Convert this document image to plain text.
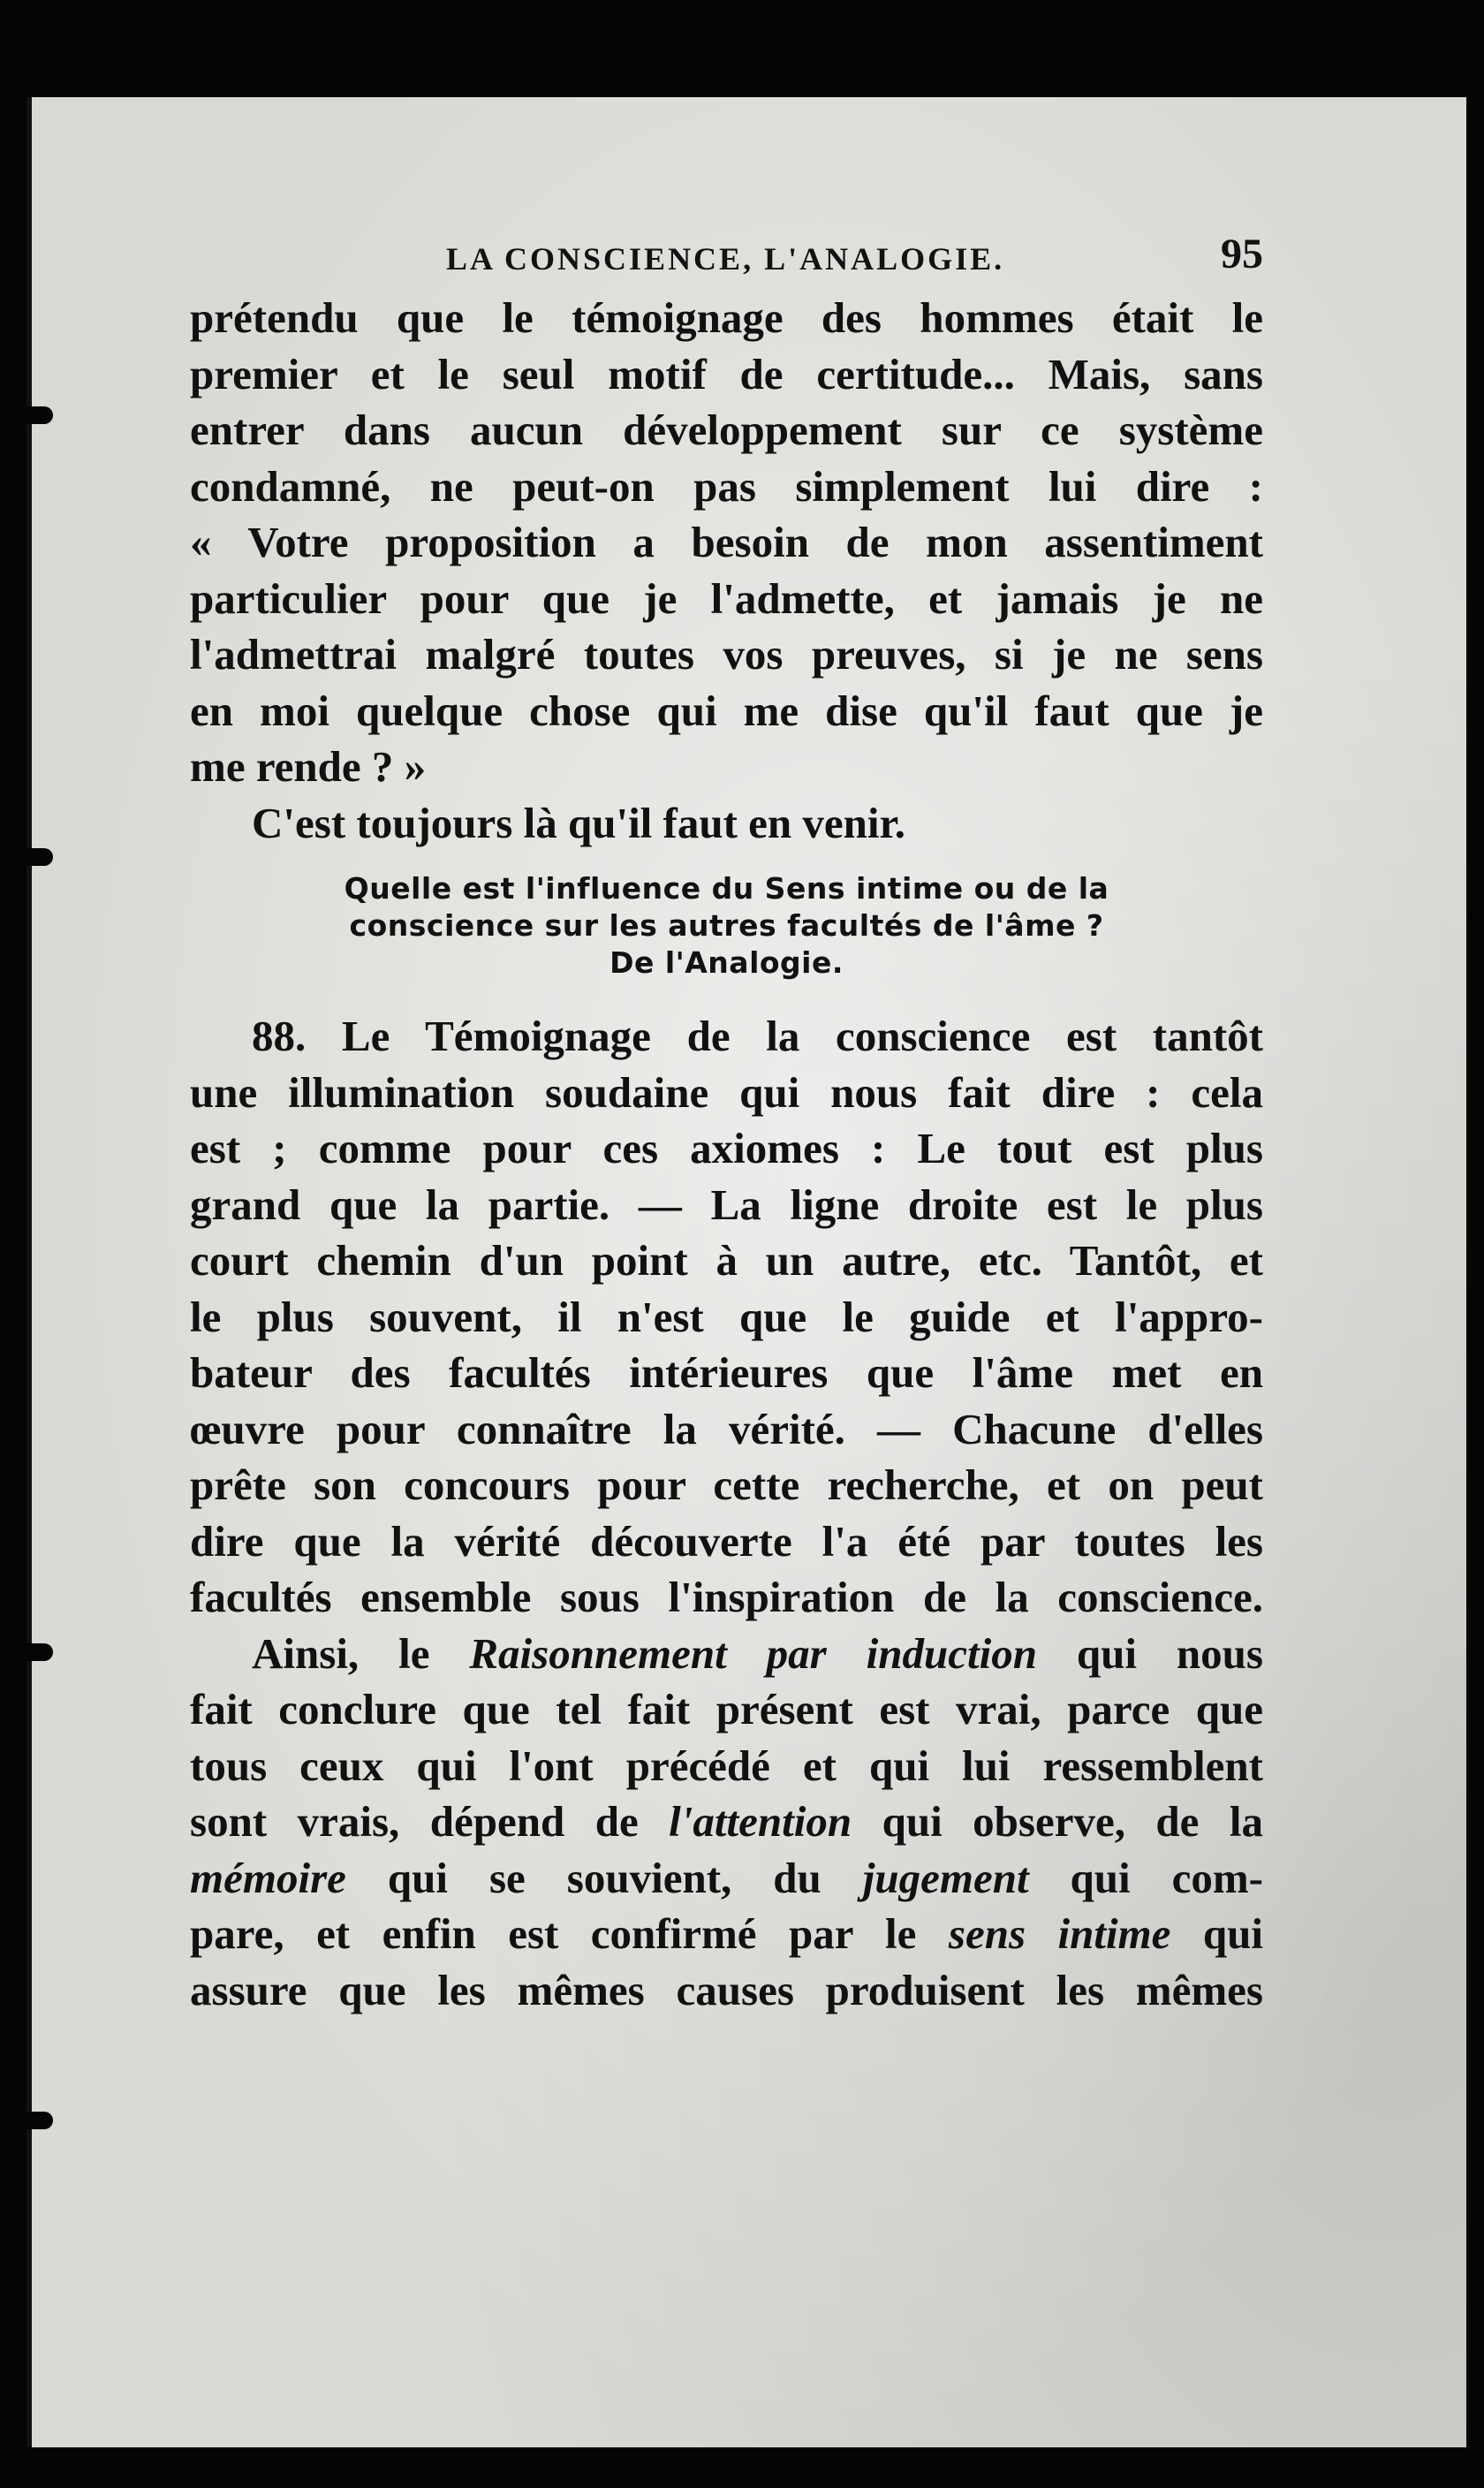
LA CONSCIENCE, L'ANALOGIE.	95
prétendu que le témoignage des hommes était le
premier et le seul motif de certitude... Mais, sans
entrer dans aucun développement sur ce système
condamné, ne peut-on pas simplement lui dire :
« Votre proposition a besoin de mon assentiment
particulier pour que je l'admette, et jamais je ne
l'admettrai malgré toutes vos preuves, si je ne sens
en moi quelque chose qui me dise qu'il faut que je
me rende ? »
C'est toujours là qu'il faut en venir.
Quelle est l'influence du Sens intime ou de la
conscience sur les autres facultés de l'âme ?
De l'Analogie.
88. Le Témoignage de la conscience est tantôt
une illumination soudaine qui nous fait dire : cela
est ; comme pour ces axiomes : Le tout est plus
grand que la partie. — La ligne droite est le plus
court chemin d'un point à un autre, etc. Tantôt, et
le plus souvent, il n'est que le guide et l'appro-
bateur des facultés intérieures que l'âme met en
œuvre pour connaître la vérité. — Chacune d'elles
prête son concours pour cette recherche, et on peut
dire que la vérité découverte l'a été par toutes les
facultés ensemble sous l'inspiration de la conscience.
Ainsi, le Raisonnement par induction qui nous
fait conclure que tel fait présent est vrai, parce que
tous ceux qui l'ont précédé et qui lui ressemblent
sont vrais, dépend de l'attention qui observe, de la
mémoire qui se souvient, du jugement qui com-
pare, et enfin est confirmé par le sens intime qui
assure que les mêmes causes produisent les mêmes
